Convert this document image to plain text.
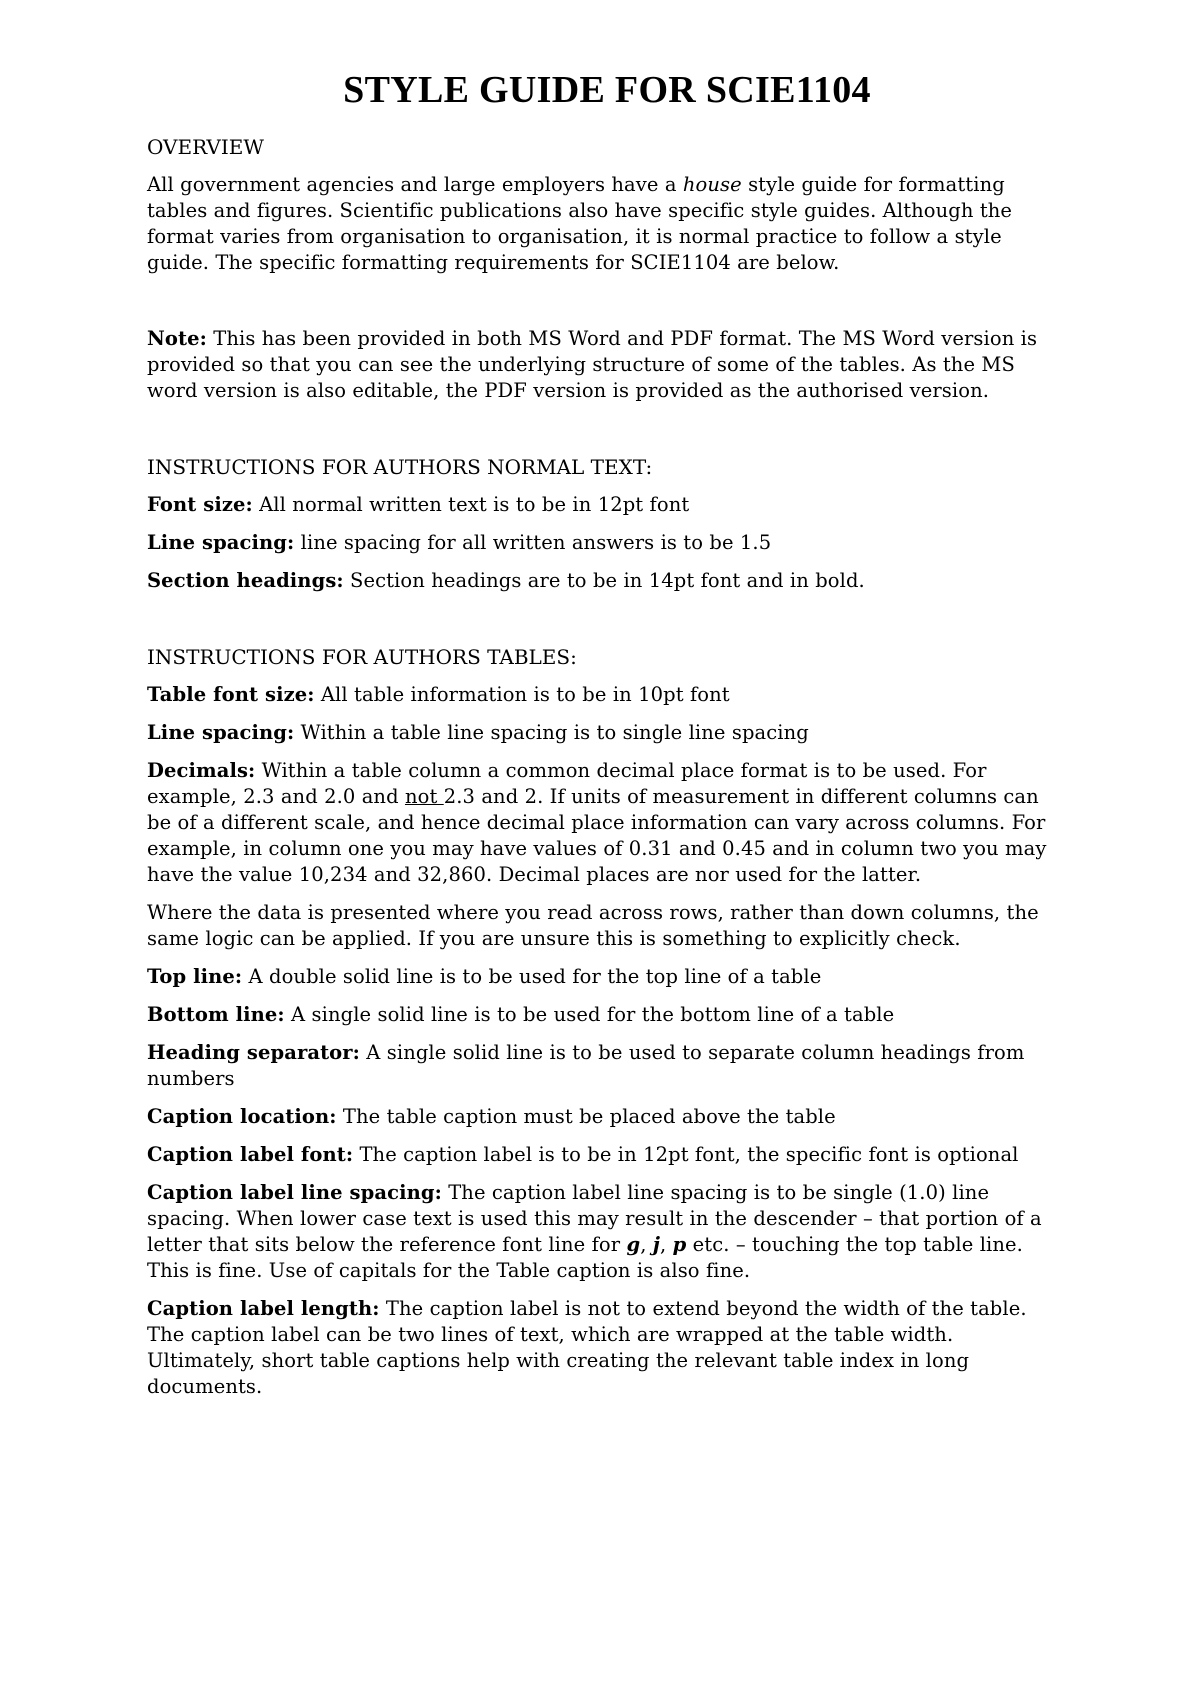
STYLE GUIDE FOR SCIE1104
OVERVIEW

All government agencies and large employers have a house style guide for formatting tables and figures. Scientific publications also have specific style guides. Although the format varies from organisation to organisation, it is normal practice to follow a style guide. The specific formatting requirements for SCIE1104 are below.

Note: This has been provided in both MS Word and PDF format. The MS Word version is provided so that you can see the underlying structure of some of the tables. As the MS word version is also editable, the PDF version is provided as the authorised version.

INSTRUCTIONS FOR AUTHORS NORMAL TEXT:

Font size: All normal written text is to be in 12pt font

Line spacing: line spacing for all written answers is to be 1.5

Section headings: Section headings are to be in 14pt font and in bold.

INSTRUCTIONS FOR AUTHORS TABLES:

Table font size: All table information is to be in 10pt font

Line spacing: Within a table line spacing is to single line spacing

Decimals: Within a table column a common decimal place format is to be used. For example, 2.3 and 2.0 and not 2.3 and 2. If units of measurement in different columns can be of a different scale, and hence decimal place information can vary across columns. For example, in column one you may have values of 0.31 and 0.45 and in column two you may have the value 10,234 and 32,860. Decimal places are nor used for the latter.

Where the data is presented where you read across rows, rather than down columns, the same logic can be applied. If you are unsure this is something to explicitly check.

Top line: A double solid line is to be used for the top line of a table

Bottom line: A single solid line is to be used for the bottom line of a table

Heading separator: A single solid line is to be used to separate column headings from numbers

Caption location: The table caption must be placed above the table

Caption label font: The caption label is to be in 12pt font, the specific font is optional

Caption label line spacing: The caption label line spacing is to be single (1.0) line spacing. When lower case text is used this may result in the descender – that portion of a letter that sits below the reference font line for g, j, p etc. – touching the top table line. This is fine. Use of capitals for the Table caption is also fine.

Caption label length: The caption label is not to extend beyond the width of the table. The caption label can be two lines of text, which are wrapped at the table width. Ultimately, short table captions help with creating the relevant table index in long documents.
